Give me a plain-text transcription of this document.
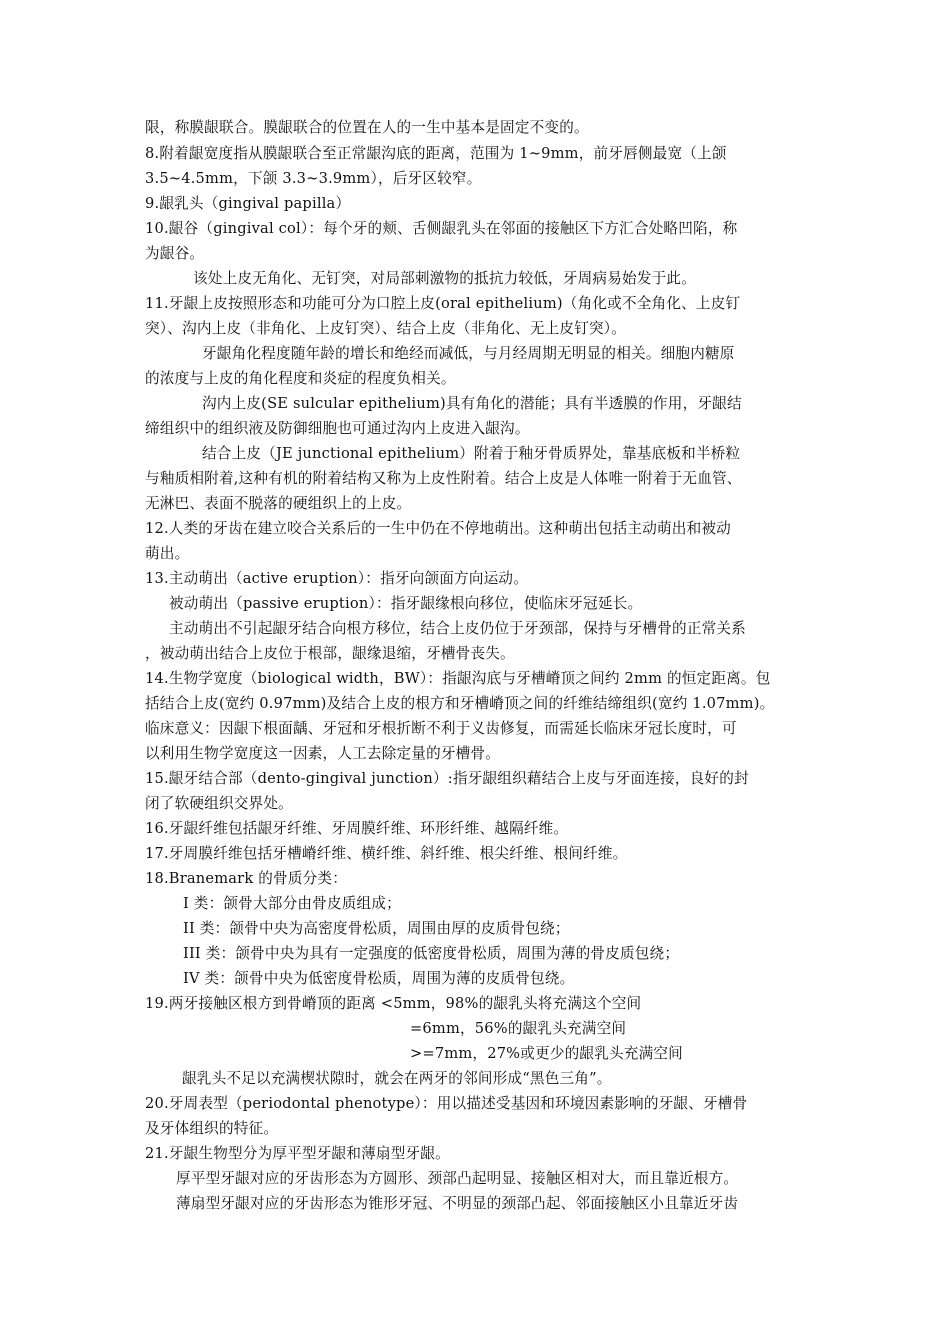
限，称膜龈联合。膜龈联合的位置在人的一生中基本是固定不变的。
8.附着龈宽度指从膜龈联合至正常龈沟底的距离，范围为 1~9mm，前牙唇侧最宽（上颌
3.5~4.5mm，下颌 3.3~3.9mm），后牙区较窄。
9.龈乳头（gingival papilla）
10.龈谷（gingival col）：每个牙的颊、舌侧龈乳头在邻面的接触区下方汇合处略凹陷，称
为龈谷。
该处上皮无角化、无钉突，对局部刺激物的抵抗力较低，牙周病易始发于此。
11.牙龈上皮按照形态和功能可分为口腔上皮(oral epithelium)（角化或不全角化、上皮钉
突）、沟内上皮（非角化、上皮钉突）、结合上皮（非角化、无上皮钉突）。
牙龈角化程度随年龄的增长和绝经而减低，与月经周期无明显的相关。细胞内糖原
的浓度与上皮的角化程度和炎症的程度负相关。
沟内上皮(SE sulcular epithelium)具有角化的潜能；具有半透膜的作用，牙龈结
缔组织中的组织液及防御细胞也可通过沟内上皮进入龈沟。
结合上皮（JE junctional epithelium）附着于釉牙骨质界处，靠基底板和半桥粒
与釉质相附着,这种有机的附着结构又称为上皮性附着。结合上皮是人体唯一附着于无血管、
无淋巴、表面不脱落的硬组织上的上皮。
12.人类的牙齿在建立咬合关系后的一生中仍在不停地萌出。这种萌出包括主动萌出和被动
萌出。
13.主动萌出（active eruption）：指牙向颌面方向运动。
被动萌出（passive eruption）：指牙龈缘根向移位，使临床牙冠延长。
主动萌出不引起龈牙结合向根方移位，结合上皮仍位于牙颈部，保持与牙槽骨的正常关系
，被动萌出结合上皮位于根部，龈缘退缩，牙槽骨丧失。
14.生物学宽度（biological width，BW）：指龈沟底与牙槽嵴顶之间约 2mm 的恒定距离。包
括结合上皮(宽约 0.97mm)及结合上皮的根方和牙槽嵴顶之间的纤维结缔组织(宽约 1.07mm)。
临床意义：因龈下根面龋、牙冠和牙根折断不利于义齿修复，而需延长临床牙冠长度时，可
以利用生物学宽度这一因素，人工去除定量的牙槽骨。
15.龈牙结合部（dento-gingival junction）:指牙龈组织藉结合上皮与牙面连接，良好的封
闭了软硬组织交界处。
16.牙龈纤维包括龈牙纤维、牙周膜纤维、环形纤维、越隔纤维。
17.牙周膜纤维包括牙槽嵴纤维、横纤维、斜纤维、根尖纤维、根间纤维。
18.Branemark 的骨质分类：
I 类：颌骨大部分由骨皮质组成；
II 类：颌骨中央为高密度骨松质，周围由厚的皮质骨包绕；
III 类：颌骨中央为具有一定强度的低密度骨松质，周围为薄的骨皮质包绕；
IV 类：颌骨中央为低密度骨松质，周围为薄的皮质骨包绕。
19.两牙接触区根方到骨嵴顶的距离 <5mm，98%的龈乳头将充满这个空间
=6mm，56%的龈乳头充满空间
>=7mm，27%或更少的龈乳头充满空间
龈乳头不足以充满楔状隙时，就会在两牙的邻间形成“黑色三角”。
20.牙周表型（periodontal phenotype）：用以描述受基因和环境因素影响的牙龈、牙槽骨
及牙体组织的特征。
21.牙龈生物型分为厚平型牙龈和薄扇型牙龈。
厚平型牙龈对应的牙齿形态为方圆形、颈部凸起明显、接触区相对大，而且靠近根方。
薄扇型牙龈对应的牙齿形态为锥形牙冠、不明显的颈部凸起、邻面接触区小且靠近牙齿
